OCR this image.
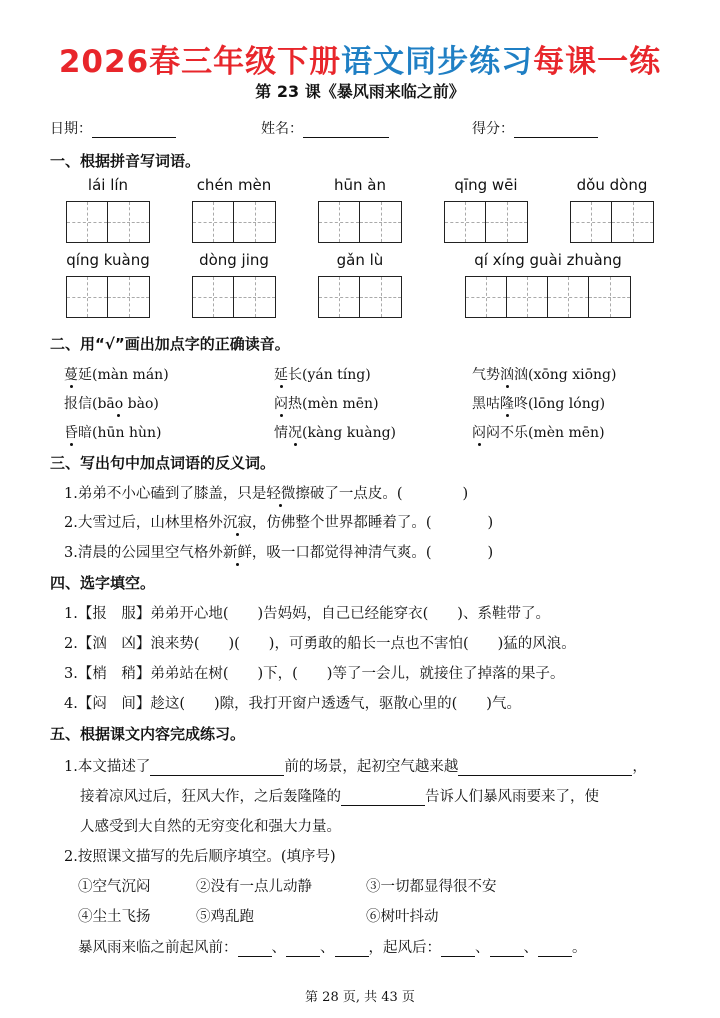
2026春三年级下册语文同步练习每课一练
第 23 课《暴风雨来临之前》
日期：	姓名：	得分：
一、根据拼音写词语。
lái lín	chén mèn	hūn àn	qīng wēi	dǒu dòng
qíng kuàng	dòng jing	gǎn lù	qí xíng guài zhuàng
二、用“√”画出加点字的正确读音。
蔓延(màn mán)	延长(yán tíng)	气势汹汹(xōng xiōng)
报信(bāo bào)	闷热(mèn mēn)	黑咕隆咚(lōng lóng)
昏暗(hūn hùn)	情况(kàng kuàng)	闷闷不乐(mèn mēn)
三、写出句中加点词语的反义词。
1.弟弟不小心磕到了膝盖，只是轻微擦破了一点皮。(	)
2.大雪过后，山林里格外沉寂，仿佛整个世界都睡着了。(	)
3.清晨的公园里空气格外新鲜，吸一口都觉得神清气爽。(	)
四、选字填空。
1.【报　服】弟弟开心地(　　)告妈妈，自己已经能穿衣(　　)、系鞋带了。
2.【汹　凶】浪来势(　　)(　　)，可勇敢的船长一点也不害怕(　　)猛的风浪。
3.【梢　稍】弟弟站在树(　　)下，(　　)等了一会儿，就接住了掉落的果子。
4.【闷　间】趁这(　　)隙，我打开窗户透透气，驱散心里的(　　)气。
五、根据课文内容完成练习。
1.本文描述了	前的场景，起初空气越来越	，
接着凉风过后，狂风大作，之后轰隆隆的	告诉人们暴风雨要来了，使
人感受到大自然的无穷变化和强大力量。
2.按照课文描写的先后顺序填空。(填序号)
①空气沉闷	②没有一点儿动静	③一切都显得很不安
④尘土飞扬	⑤鸡乱跑	⑥树叶抖动
暴风雨来临之前起风前： 、 、 ，起风后： 、 、 。
第 28 页, 共 43 页
